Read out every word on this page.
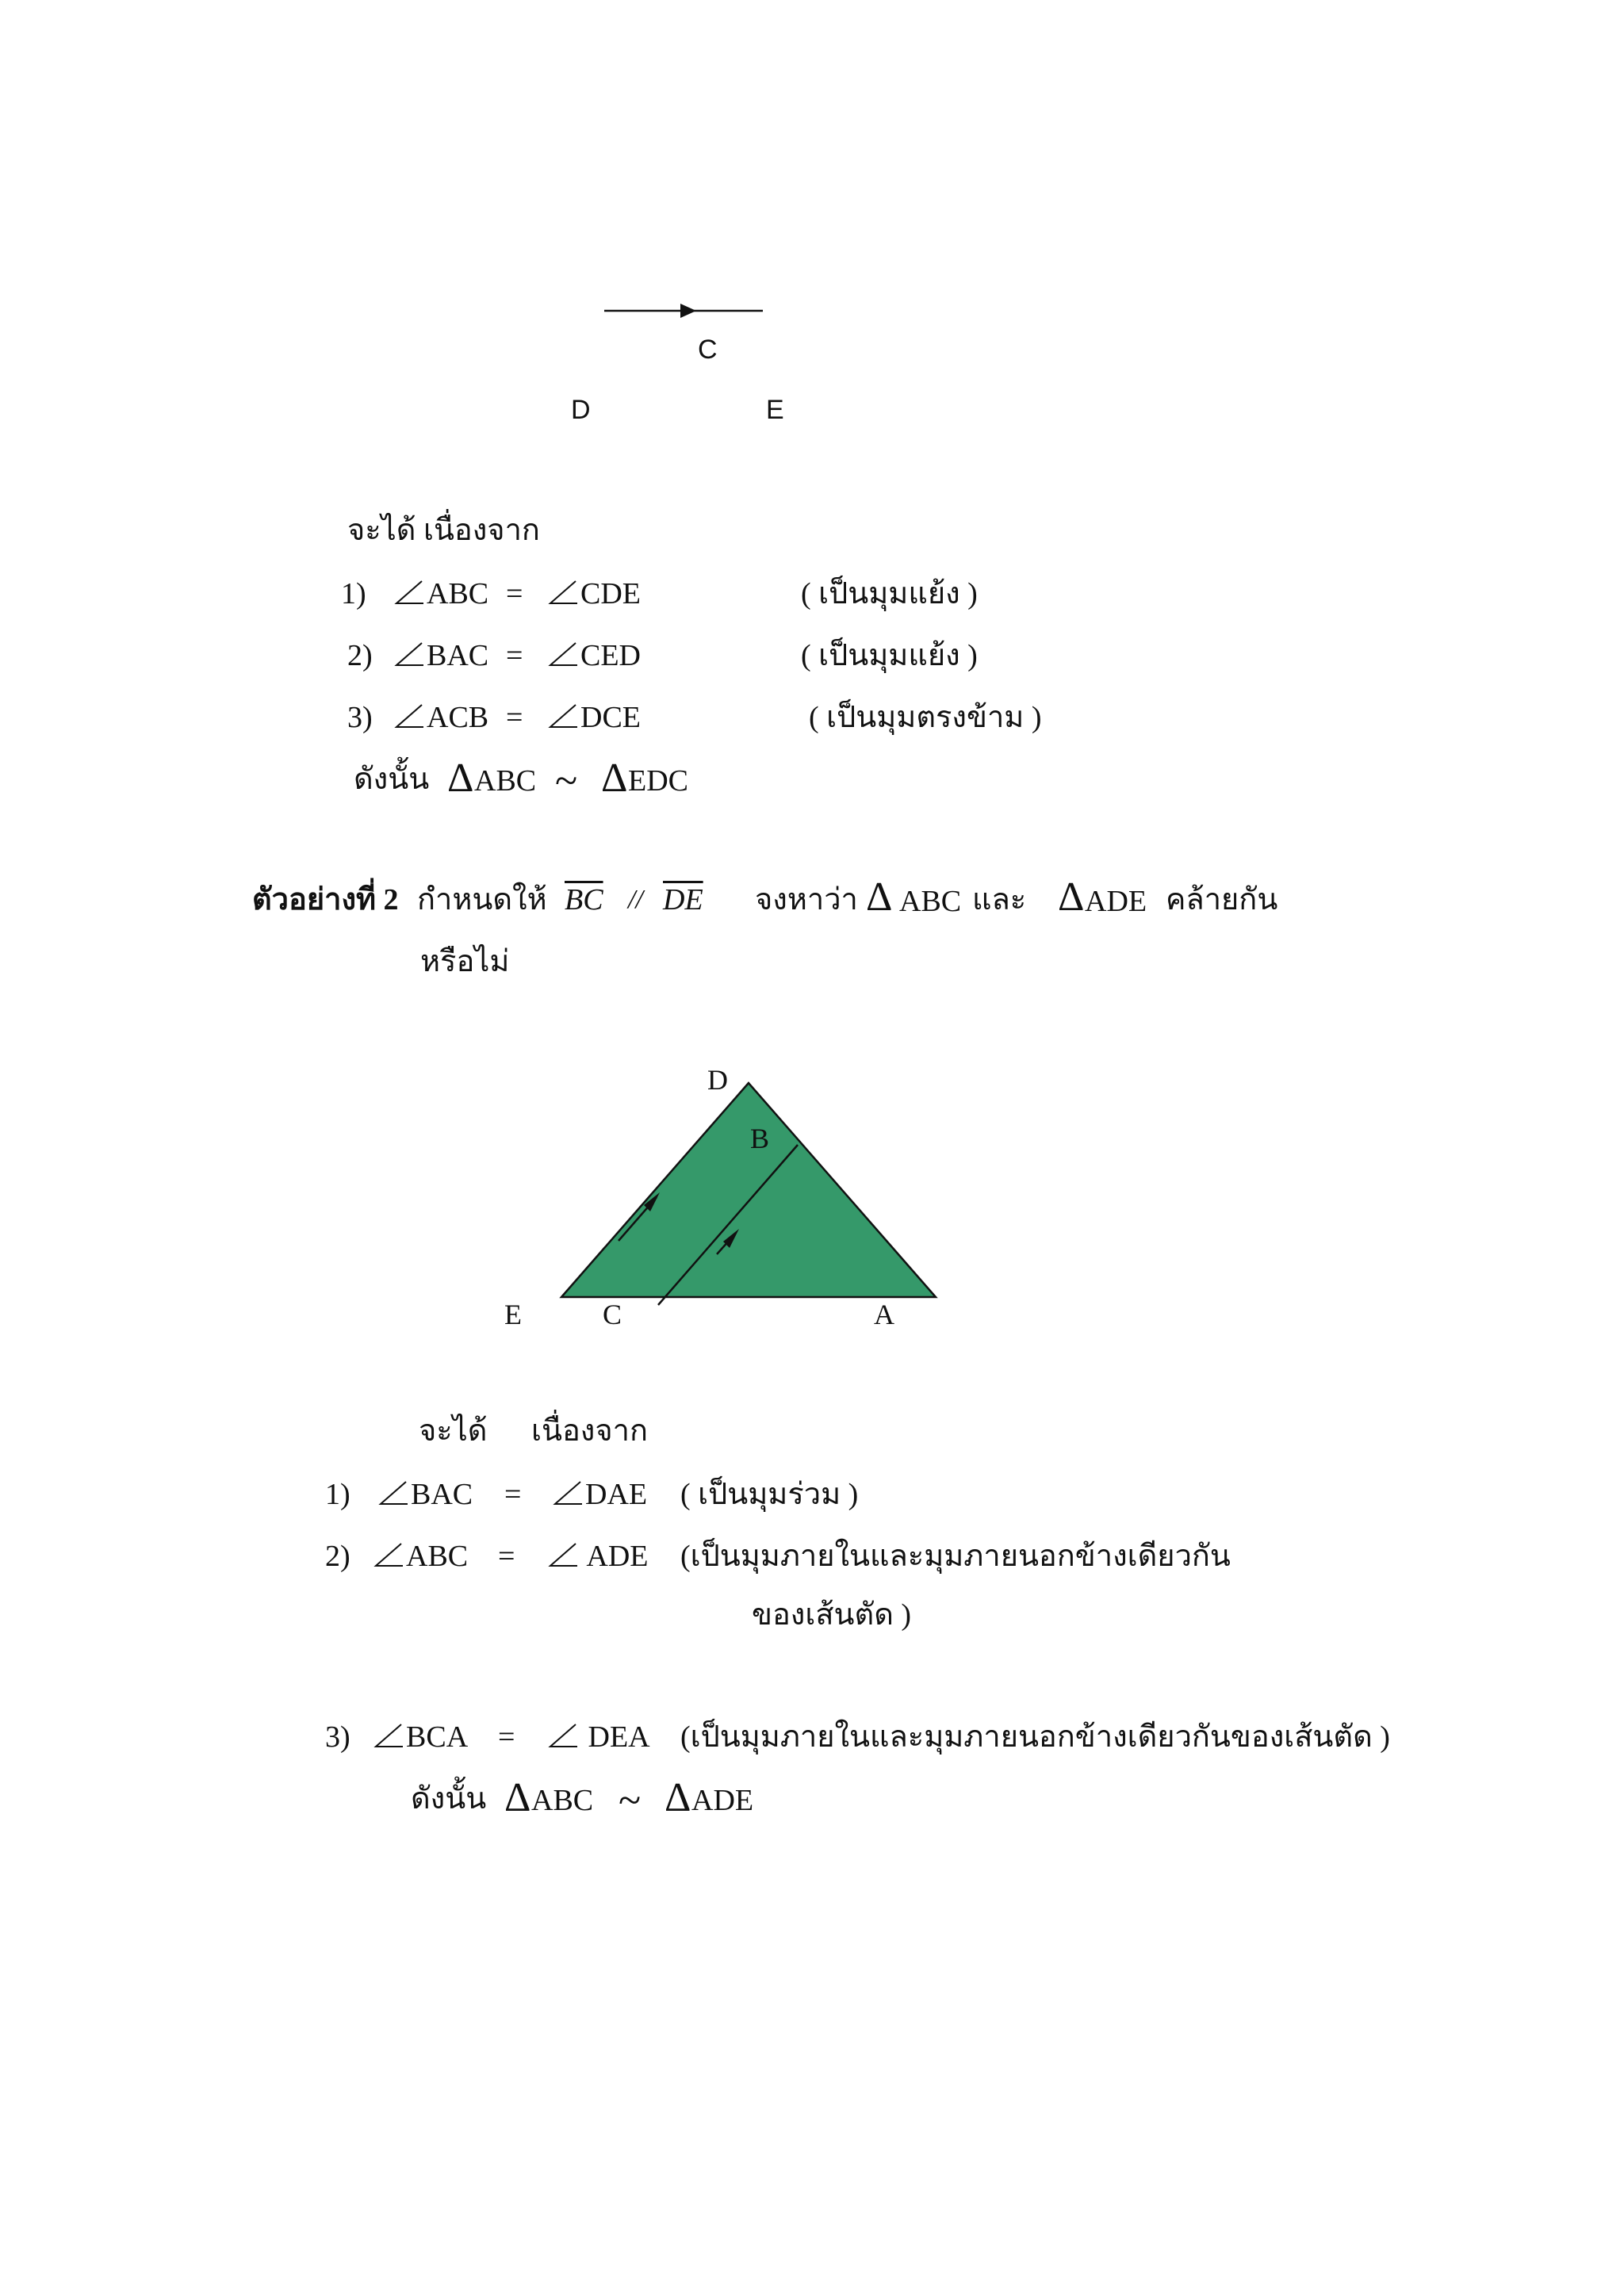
C
D	E
จะได้ เนื่องจาก
1)	ABC =	CDE	( เป็นมุมแย้ง )
2)	BAC =	CED	( เป็นมุมแย้ง )
3)	ACB =	DCE	( เป็นมุมตรงข้าม )
ดังนั้น Δ ABC ~ Δ EDC
ตัวอย่างที่ 2 กำหนดให้ $\overline{BC} // \overline{DE}$ จงหาว่า Δ ABC และ Δ ADE คล้ายกัน
หรือไม่
D
B
E	C	A
จะได้ เนื่องจาก
1)	BAC =	DAE ( เป็นมุมร่วม )
2)	ABC =	ADE (เป็นมุมภายในและมุมภายนอกข้างเดียวกัน
ของเส้นตัด )
3)	BCA =	DEA (เป็นมุมภายในและมุมภายนอกข้างเดียวกันของเส้นตัด )
ดังนั้น Δ ABC ~ Δ ADE
